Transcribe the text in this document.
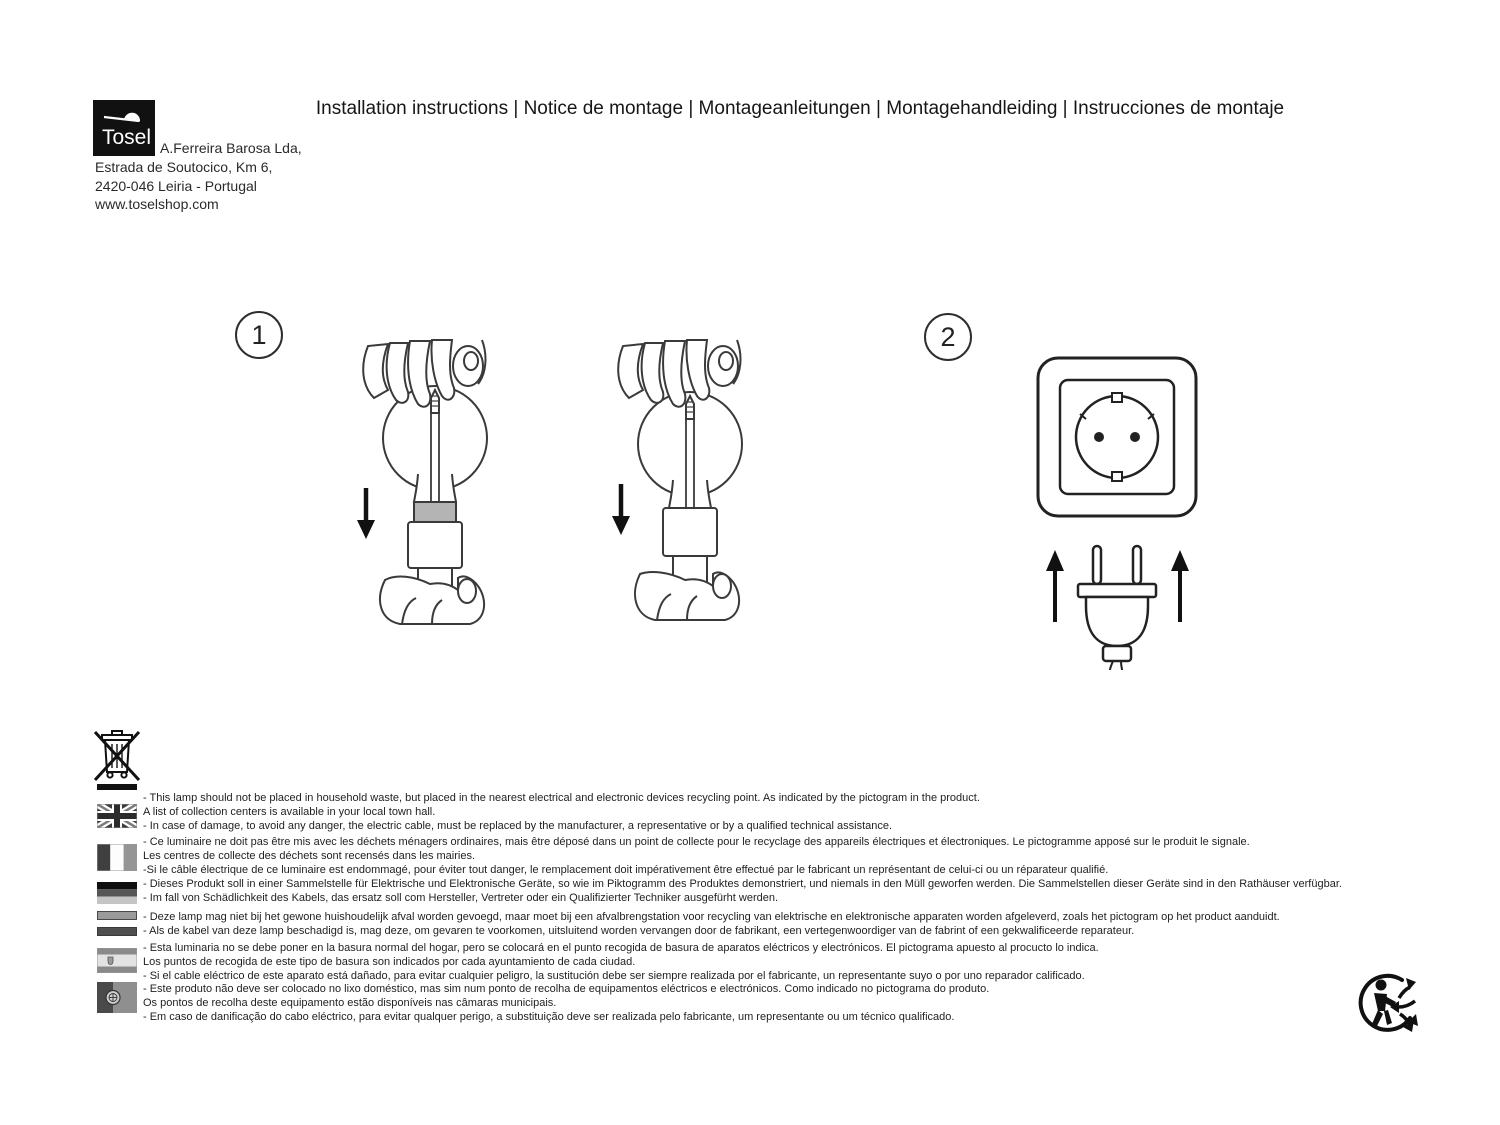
Tosel A.Ferreira Barosa Lda,
Estrada de Soutocico, Km 6,
2420-046 Leiria - Portugal
www.toselshop.com
Installation instructions | Notice de montage | Montageanleitungen | Montagehandleiding | Instrucciones de montaje
1	2
- This lamp should not be placed in household waste, but placed in the nearest electrical and electronic devices recycling point. As indicated by the pictogram in the product.
A list of collection centers is available in your local town hall.
- In case of damage, to avoid any danger, the electric cable, must be replaced by the manufacturer, a representative or by a qualified technical assistance.
- Ce luminaire ne doit pas être mis avec les déchets ménagers ordinaires, mais être déposé dans un point de collecte pour le recyclage des appareils électriques et électroniques. Le pictogramme apposé sur le produit le signale.
Les centres de collecte des déchets sont recensés dans les mairies.
-Si le câble électrique de ce luminaire est endommagé, pour éviter tout danger, le remplacement doit impérativement être effectué par le fabricant un représentant de celui-ci ou un réparateur qualifié.
- Dieses Produkt soll in einer Sammelstelle für Elektrische und Elektronische Geräte, so wie im Piktogramm des Produktes demonstriert, und niemals in den Müll geworfen werden. Die Sammelstellen dieser Geräte sind in den Rathäuser verfügbar.
- Im fall von Schädlichkeit des Kabels, das ersatz soll com Hersteller, Vertreter oder ein Qualifizierter Techniker ausgefürht werden.
- Deze lamp mag niet bij het gewone huishoudelijk afval worden gevoegd, maar moet bij een afvalbrengstation voor recycling van elektrische en elektronische apparaten worden afgeleverd, zoals het pictogram op het product aanduidt.
- Als de kabel van deze lamp beschadigd is, mag deze, om gevaren te voorkomen, uitsluitend worden vervangen door de fabrikant, een vertegenwoordiger van de fabrint of een gekwalificeerde reparateur.
- Esta luminaria no se debe poner en la basura normal del hogar, pero se colocará en el punto recogida de basura de aparatos eléctricos y electrónicos. El pictograma apuesto al procucto lo indica.
Los puntos de recogida de este tipo de basura son indicados por cada ayuntamiento de cada ciudad.
- Si el cable eléctrico de este aparato está dañado, para evitar cualquier peligro, la sustitución debe ser siempre realizada por el fabricante, un representante suyo o por uno reparador calificado.
- Este produto não deve ser colocado no lixo doméstico, mas sim num ponto de recolha de equipamentos eléctricos e electrónicos. Como indicado no pictograma do produto.
Os pontos de recolha deste equipamento estão disponíveis nas câmaras municipais.
- Em caso de danificação do cabo eléctrico, para evitar qualquer perigo, a substituição deve ser realizada pelo fabricante, um representante ou um técnico qualificado.
